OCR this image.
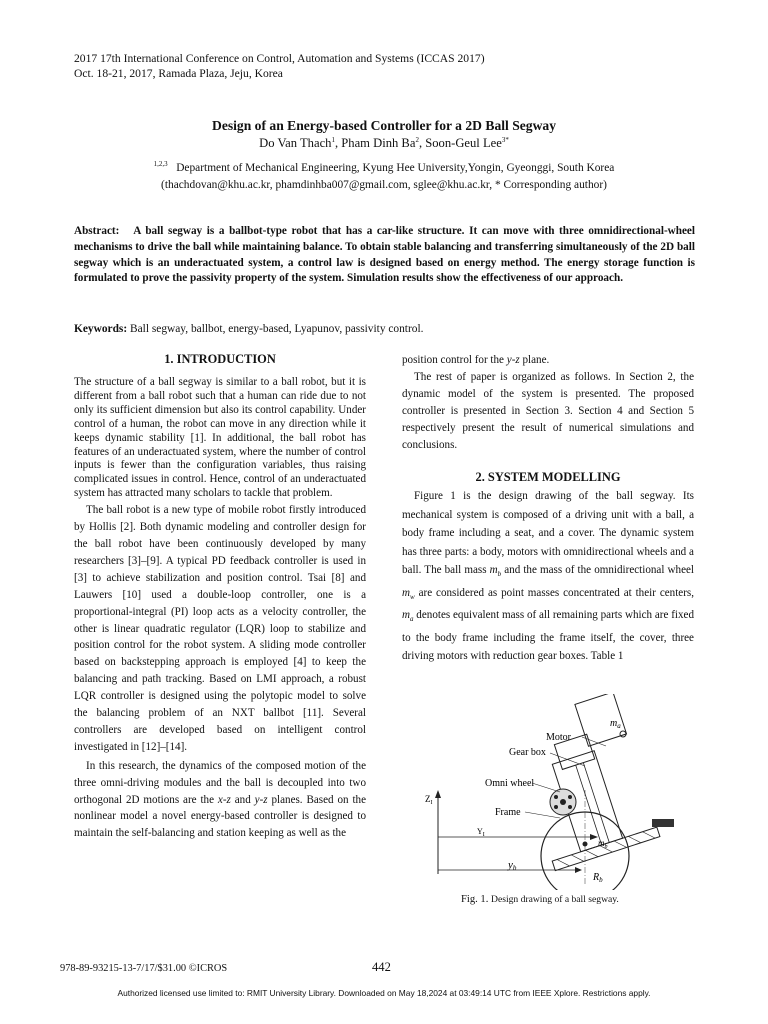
2017 17th International Conference on Control, Automation and Systems (ICCAS 2017)
Oct. 18-21, 2017, Ramada Plaza, Jeju, Korea
Design of an Energy-based Controller for a 2D Ball Segway
Do Van Thach$^1$, Pham Dinh Ba$^2$, Soon-Geul Lee$^{3*}$
$^{1,2,3}$ Department of Mechanical Engineering, Kyung Hee University,Yongin, Gyeonggi, South Korea
(thachdovan@khu.ac.kr, phamdinhba007@gmail.com, sglee@khu.ac.kr, * Corresponding author)
Abstract: A ball segway is a ballbot-type robot that has a car-like structure. It can move with three omnidirectional-wheel mechanisms to drive the ball while maintaining balance. To obtain stable balancing and transferring simultaneously of the 2D ball segway which is an underactuated system, a control law is designed based on energy method. The energy storage function is formulated to prove the passivity property of the system. Simulation results show the effectiveness of our approach.
Keywords: Ball segway, ballbot, energy-based, Lyapunov, passivity control.

1. INTRODUCTION

The structure of a ball segway is similar to a ball robot, but it is different from a ball robot such that a human can ride due to not only its sufficient dimension but also its control capability. Under control of a human, the robot can move in any direction while it keeps dynamic stability [1]. In additional, the ball robot has features of an underactuated system, where the number of control inputs is fewer than the configuration variables, thus raising complicated issues in control. Hence, control of an underactuated system has attracted many scholars to tackle that problem.

The ball robot is a new type of mobile robot firstly introduced by Hollis [2]. Both dynamic modeling and controller design for the ball robot have been continuously developed by many researchers [3]–[9]. A typical PD feedback controller is used in [3] to achieve stabilization and position control. Tsai [8] and Lauwers [10] used a double-loop controller, one is a proportional-integral (PI) loop acts as a velocity controller, the other is linear quadratic regulator (LQR) loop to stabilize and position control for the robot system. A sliding mode controller based on backstepping approach is employed [4] to keep the balancing and path tracking. Based on LMI approach, a robust LQR controller is designed using the polytopic model to solve the balancing problem of an NXT ballbot [11]. Several controllers are developed based on intelligent control investigated in [12]–[14].

In this research, the dynamics of the composed motion of the three omni-driving modules and the ball is decoupled into two orthogonal 2D motions are the x-z and y-z planes. Based on the nonlinear model a novel energy-based controller is designed to maintain the self-balancing and station keeping as well as the

position control for the y-z plane.

The rest of paper is organized as follows. In Section 2, the dynamic model of the system is presented. The proposed controller is presented in Section 3. Section 4 and Section 5 respectively present the result of numerical simulations and conclusions.

2. SYSTEM MODELLING

Figure 1 is the design drawing of the ball segway. Its mechanical system is composed of a driving unit with a ball, a body frame including a seat, and a cover. The dynamic system has three parts: a body, motors with omnidirectional wheels and a ball. The ball mass $m_b$ and the mass of the omnidirectional wheel $m_w$ are considered as point masses concentrated at their centers, $m_a$ denotes equivalent mass of all remaining parts which are fixed to the body frame including the frame itself, the cover, three driving motors with reduction gear boxes. Table 1

Motor
Gear box
Omni wheel
Frame
$m_a$
$m_b$
$R_b$
$Z_I$
$Y_I$
yb
Fig. 1. Design drawing of a ball segway.
978-89-93215-13-7/17/$31.00 ©ICROS	442
Authorized licensed use limited to: RMIT University Library. Downloaded on May 18,2024 at 03:49:14 UTC from IEEE Xplore. Restrictions apply.
